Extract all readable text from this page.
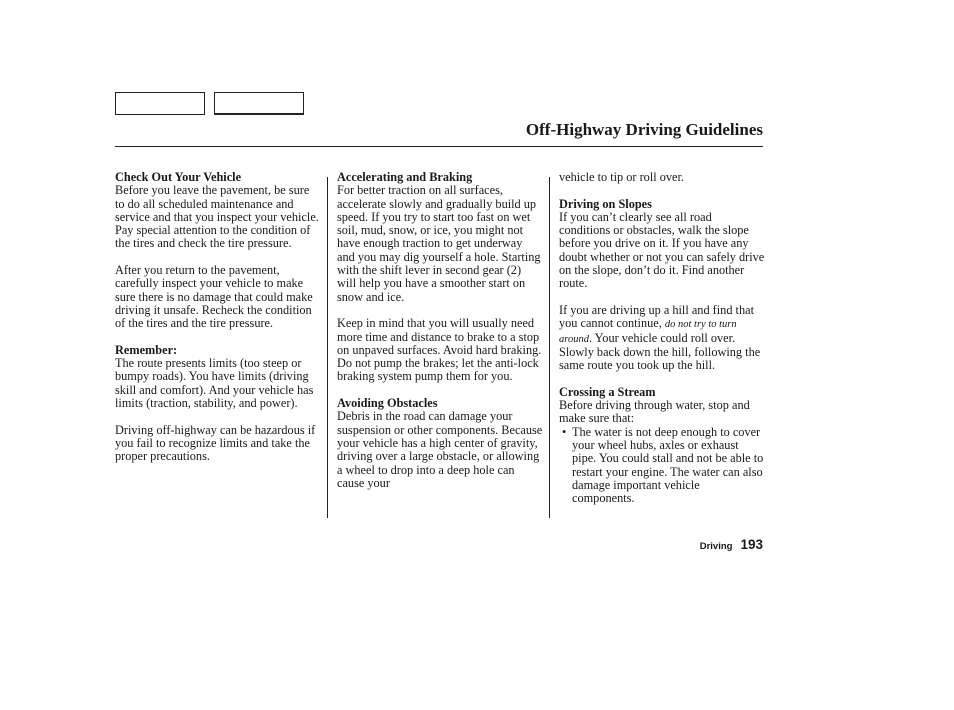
Off-Highway Driving Guidelines
Check Out Your Vehicle

Before you leave the pavement, be sure to do all scheduled maintenance and service and that you inspect your vehicle. Pay special attention to the condition of the tires and check the tire pressure.

After you return to the pavement, carefully inspect your vehicle to make sure there is no damage that could make driving it unsafe. Recheck the condition of the tires and the tire pressure.

Remember:

The route presents limits (too steep or bumpy roads). You have limits (driving skill and comfort). And your vehicle has limits (traction, stability, and power).

Driving off-highway can be hazardous if you fail to recognize limits and take the proper precautions.

Accelerating and Braking

For better traction on all surfaces, accelerate slowly and gradually build up speed. If you try to start too fast on wet soil, mud, snow, or ice, you might not have enough traction to get underway and you may dig yourself a hole. Starting with the shift lever in second gear (2) will help you have a smoother start on snow and ice.

Keep in mind that you will usually need more time and distance to brake to a stop on unpaved surfaces. Avoid hard braking. Do not pump the brakes; let the anti-lock braking system pump them for you.

Avoiding Obstacles

Debris in the road can damage your suspension or other components. Because your vehicle has a high center of gravity, driving over a large obstacle, or allowing a wheel to drop into a deep hole can cause your

vehicle to tip or roll over.

Driving on Slopes

If you can’t clearly see all road conditions or obstacles, walk the slope before you drive on it. If you have any doubt whether or not you can safely drive on the slope, don’t do it. Find another route.

If you are driving up a hill and find that you cannot continue, do not try to turn around. Your vehicle could roll over. Slowly back down the hill, following the same route you took up the hill.

Crossing a Stream
Before driving through water, stop and make sure that:
• The water is not deep enough to cover your wheel hubs, axles or exhaust pipe. You could stall and not be able to restart your engine. The water can also damage important vehicle components.
Driving 193
